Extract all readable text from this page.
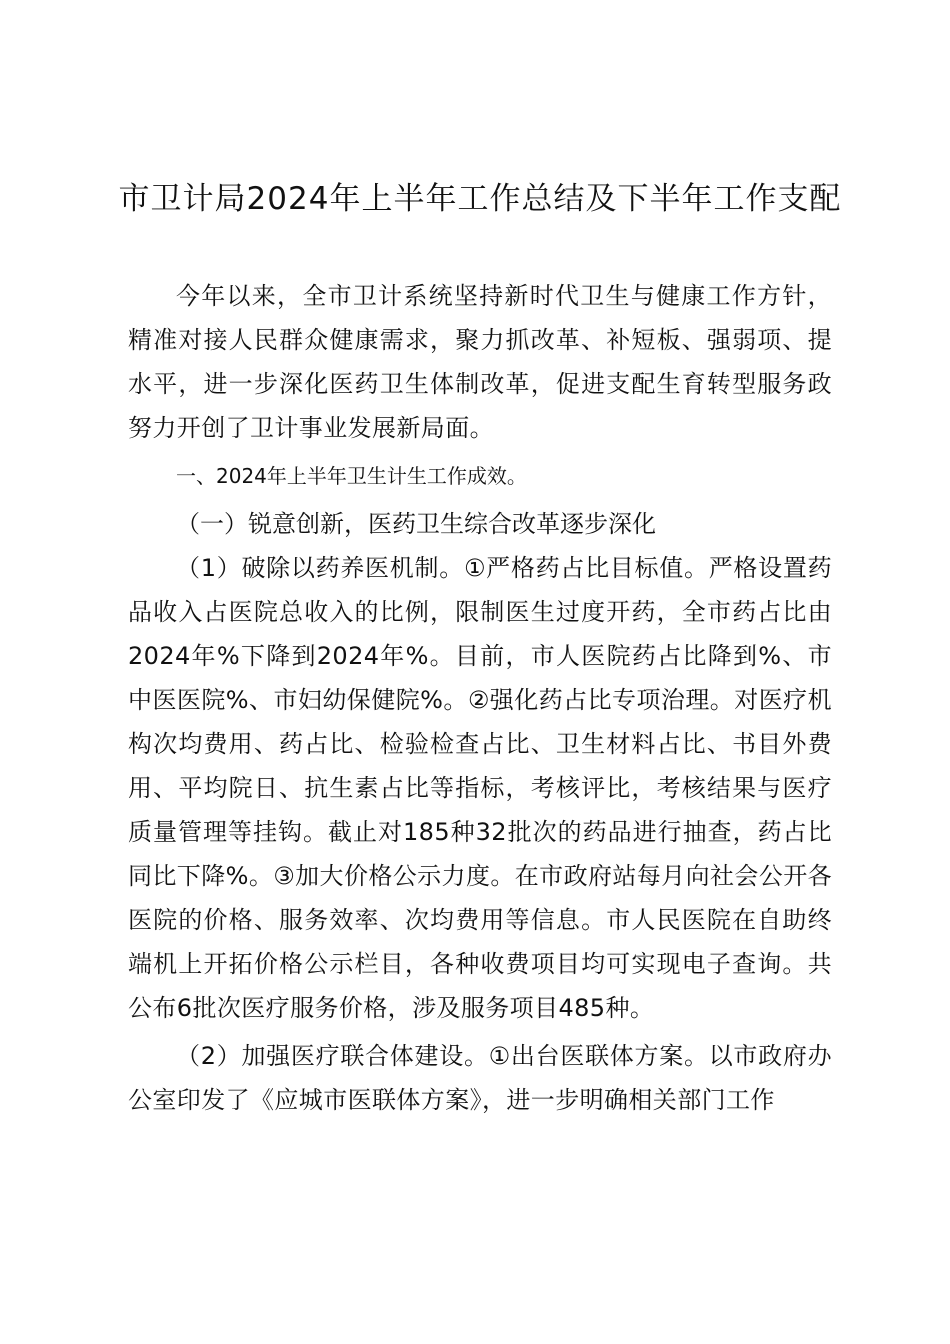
市卫计局2024年上半年工作总结及下半年工作支配

今年以来，全市卫计系统坚持新时代卫生与健康工作方针，精准对接人民群众健康需求，聚力抓改革、补短板、强弱项、提水平，进一步深化医药卫生体制改革，促进支配生育转型服务政努力开创了卫计事业发展新局面。

一、2024年上半年卫生计生工作成效。

（一）锐意创新，医药卫生综合改革逐步深化

（1）破除以药养医机制。①严格药占比目标值。严格设置药品收入占医院总收入的比例，限制医生过度开药，全市药占比由2024年%下降到2024年%。目前，市人医院药占比降到%、市中医医院%、市妇幼保健院%。②强化药占比专项治理。对医疗机构次均费用、药占比、检验检查占比、卫生材料占比、书目外费用、平均院日、抗生素占比等指标，考核评比，考核结果与医疗质量管理等挂钩。截止对185种32批次的药品进行抽查，药占比同比下降%。③加大价格公示力度。在市政府站每月向社会公开各医院的价格、服务效率、次均费用等信息。市人民医院在自助终端机上开拓价格公示栏目，各种收费项目均可实现电子查询。共公布6批次医疗服务价格，涉及服务项目485种。

（2）加强医疗联合体建设。①出台医联体方案。以市政府办公室印发了《应城市医联体方案》，进一步明确相关部门工作
